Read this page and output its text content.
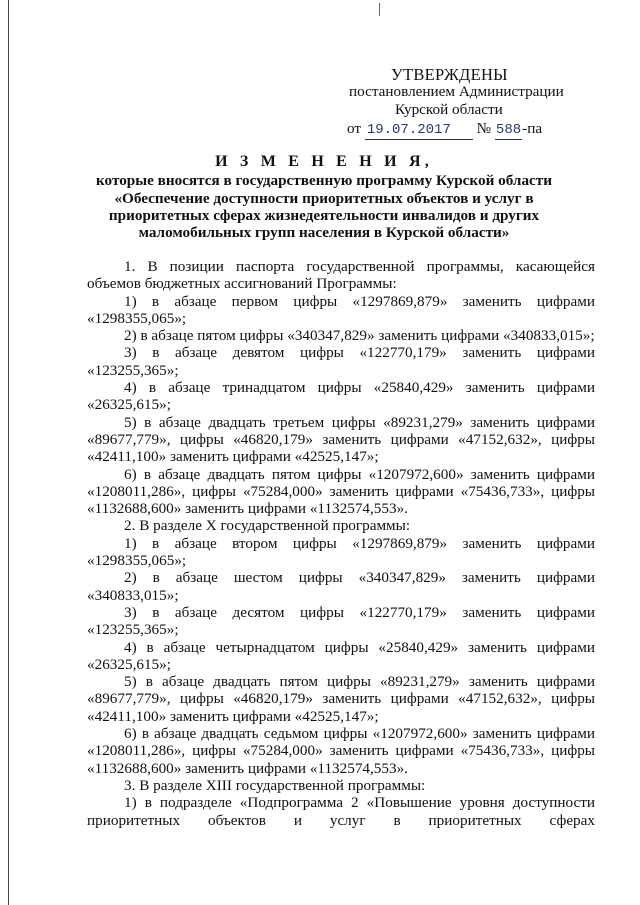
УТВЕРЖДЕНЫ
постановлением Администрации
Курской области
от 19.07.2017 № 588-па
И З М Е Н Е Н И Я,
которые вносятся в государственную программу Курской области
«Обеспечение доступности приоритетных объектов и услуг в
приоритетных сферах жизнедеятельности инвалидов и других
маломобильных групп населения в Курской области»

1. В позиции паспорта государственной программы, касающейся объемов бюджетных ассигнований Программы:

1) в абзаце первом цифры «1297869,879» заменить цифрами «1298355,065»;

2) в абзаце пятом цифры «340347,829» заменить цифрами «340833,015»;

3) в абзаце девятом цифры «122770,179» заменить цифрами «123255,365»;

4) в абзаце тринадцатом цифры «25840,429» заменить цифрами «26325,615»;

5) в абзаце двадцать третьем цифры «89231,279» заменить цифрами «89677,779», цифры «46820,179» заменить цифрами «47152,632», цифры «42411,100» заменить цифрами «42525,147»;

6) в абзаце двадцать пятом цифры «1207972,600» заменить цифрами «1208011,286», цифры «75284,000» заменить цифрами «75436,733», цифры «1132688,600» заменить цифрами «1132574,553».

2. В разделе X государственной программы:

1) в абзаце втором цифры «1297869,879» заменить цифрами «1298355,065»;

2) в абзаце шестом цифры «340347,829» заменить цифрами «340833,015»;

3) в абзаце десятом цифры «122770,179» заменить цифрами «123255,365»;

4) в абзаце четырнадцатом цифры «25840,429» заменить цифрами «26325,615»;

5) в абзаце двадцать пятом цифры «89231,279» заменить цифрами «89677,779», цифры «46820,179» заменить цифрами «47152,632», цифры «42411,100» заменить цифрами «42525,147»;

6) в абзаце двадцать седьмом цифры «1207972,600» заменить цифрами «1208011,286», цифры «75284,000» заменить цифрами «75436,733», цифры «1132688,600» заменить цифрами «1132574,553».

3. В разделе XIII государственной программы:

1) в подразделе «Подпрограмма 2 «Повышение уровня доступности приоритетных объектов и услуг в приоритетных сферах
